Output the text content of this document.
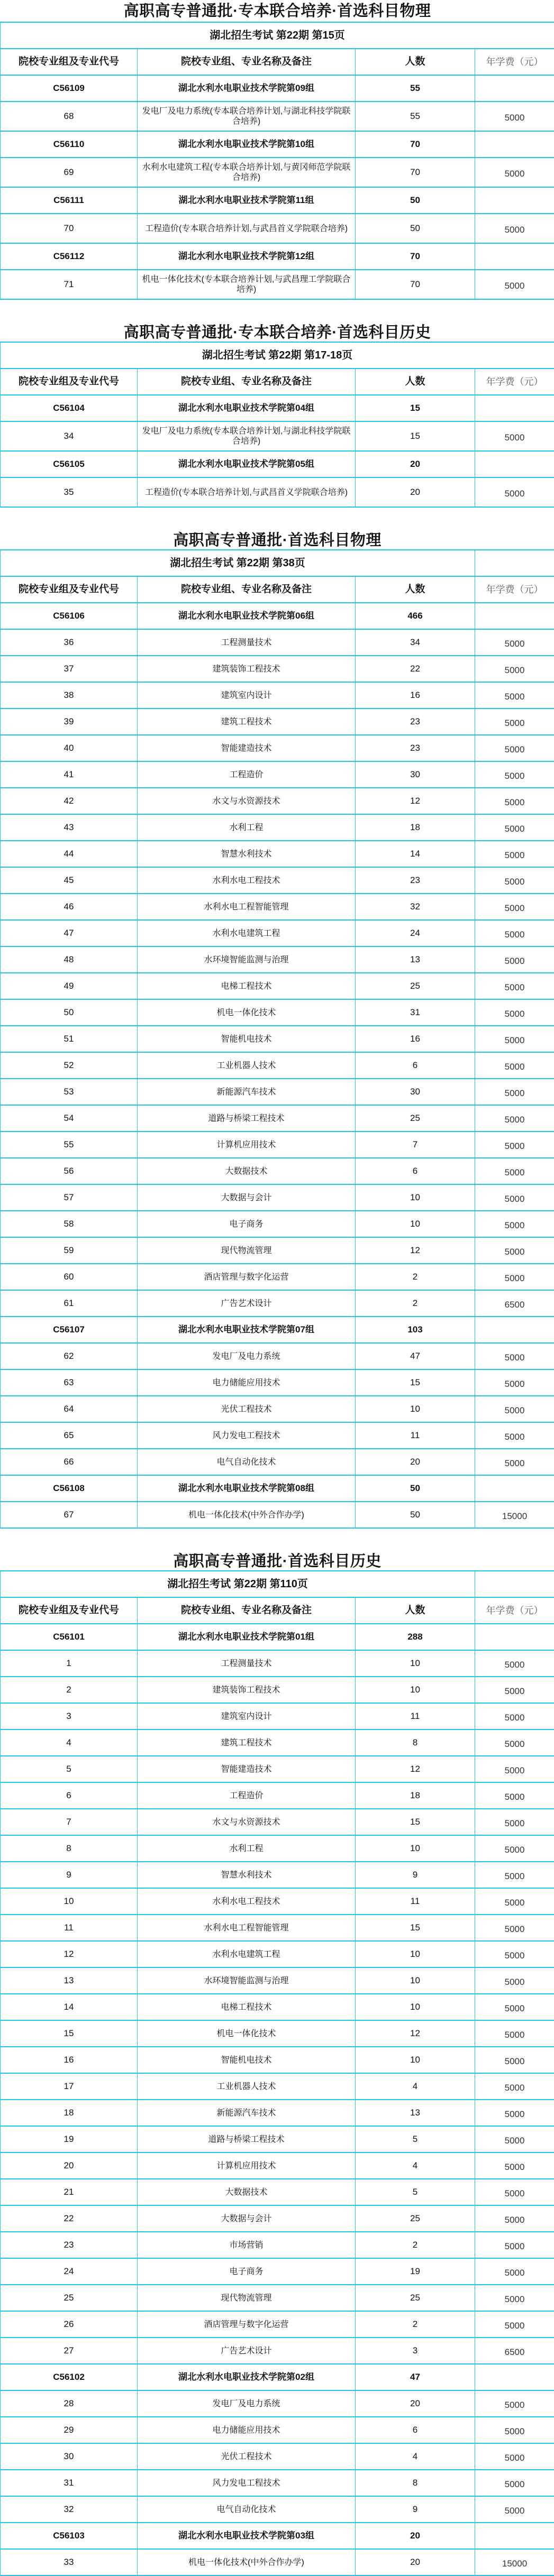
高职高专普通批·专本联合培养·首选科目物理			
湖北招生考试 第22期 第15页			
院校专业组及专业代号	院校专业组、专业名称及备注	人数	年学费（元）
C56109	湖北水利水电职业技术学院第09组	55	
68	发电厂及电力系统(专本联合培养计划,与湖北科技学院联合培养)	55	5000
C56110	湖北水利水电职业技术学院第10组	70	
69	水利水电建筑工程(专本联合培养计划,与黄冈师范学院联合培养)	70	5000
C56111	湖北水利水电职业技术学院第11组	50	
70	工程造价(专本联合培养计划,与武昌首义学院联合培养)	50	5000
C56112	湖北水利水电职业技术学院第12组	70	
71	机电一体化技术(专本联合培养计划,与武昌理工学院联合培养)	70	5000
高职高专普通批·专本联合培养·首选科目历史			
湖北招生考试 第22期 第17-18页			
院校专业组及专业代号	院校专业组、专业名称及备注	人数	年学费（元）
C56104	湖北水利水电职业技术学院第04组	15	
34	发电厂及电力系统(专本联合培养计划,与湖北科技学院联合培养)	15	5000
C56105	湖北水利水电职业技术学院第05组	20	
35	工程造价(专本联合培养计划,与武昌首义学院联合培养)	20	5000
高职高专普通批·首选科目物理			
湖北招生考试 第22期 第38页			
院校专业组及专业代号	院校专业组、专业名称及备注	人数	年学费（元）
C56106	湖北水利水电职业技术学院第06组	466	
36	工程测量技术	34	5000
37	建筑装饰工程技术	22	5000
38	建筑室内设计	16	5000
39	建筑工程技术	23	5000
40	智能建造技术	23	5000
41	工程造价	30	5000
42	水文与水资源技术	12	5000
43	水利工程	18	5000
44	智慧水利技术	14	5000
45	水利水电工程技术	23	5000
46	水利水电工程智能管理	32	5000
47	水利水电建筑工程	24	5000
48	水环境智能监测与治理	13	5000
49	电梯工程技术	25	5000
50	机电一体化技术	31	5000
51	智能机电技术	16	5000
52	工业机器人技术	6	5000
53	新能源汽车技术	30	5000
54	道路与桥梁工程技术	25	5000
55	计算机应用技术	7	5000
56	大数据技术	6	5000
57	大数据与会计	10	5000
58	电子商务	10	5000
59	现代物流管理	12	5000
60	酒店管理与数字化运营	2	5000
61	广告艺术设计	2	6500
C56107	湖北水利水电职业技术学院第07组	103	
62	发电厂及电力系统	47	5000
63	电力储能应用技术	15	5000
64	光伏工程技术	10	5000
65	风力发电工程技术	11	5000
66	电气自动化技术	20	5000
C56108	湖北水利水电职业技术学院第08组	50	
67	机电一体化技术(中外合作办学)	50	15000
高职高专普通批·首选科目历史			
湖北招生考试 第22期 第110页			
院校专业组及专业代号	院校专业组、专业名称及备注	人数	年学费（元）
C56101	湖北水利水电职业技术学院第01组	288	
1	工程测量技术	10	5000
2	建筑装饰工程技术	10	5000
3	建筑室内设计	11	5000
4	建筑工程技术	8	5000
5	智能建造技术	12	5000
6	工程造价	18	5000
7	水文与水资源技术	15	5000
8	水利工程	10	5000
9	智慧水利技术	9	5000
10	水利水电工程技术	11	5000
11	水利水电工程智能管理	15	5000
12	水利水电建筑工程	10	5000
13	水环境智能监测与治理	10	5000
14	电梯工程技术	10	5000
15	机电一体化技术	12	5000
16	智能机电技术	10	5000
17	工业机器人技术	4	5000
18	新能源汽车技术	13	5000
19	道路与桥梁工程技术	5	5000
20	计算机应用技术	4	5000
21	大数据技术	5	5000
22	大数据与会计	25	5000
23	市场营销	2	5000
24	电子商务	19	5000
25	现代物流管理	25	5000
26	酒店管理与数字化运营	2	5000
27	广告艺术设计	3	6500
C56102	湖北水利水电职业技术学院第02组	47	
28	发电厂及电力系统	20	5000
29	电力储能应用技术	6	5000
30	光伏工程技术	4	5000
31	风力发电工程技术	8	5000
32	电气自动化技术	9	5000
C56103	湖北水利水电职业技术学院第03组	20	
33	机电一体化技术(中外合作办学)	20	15000
